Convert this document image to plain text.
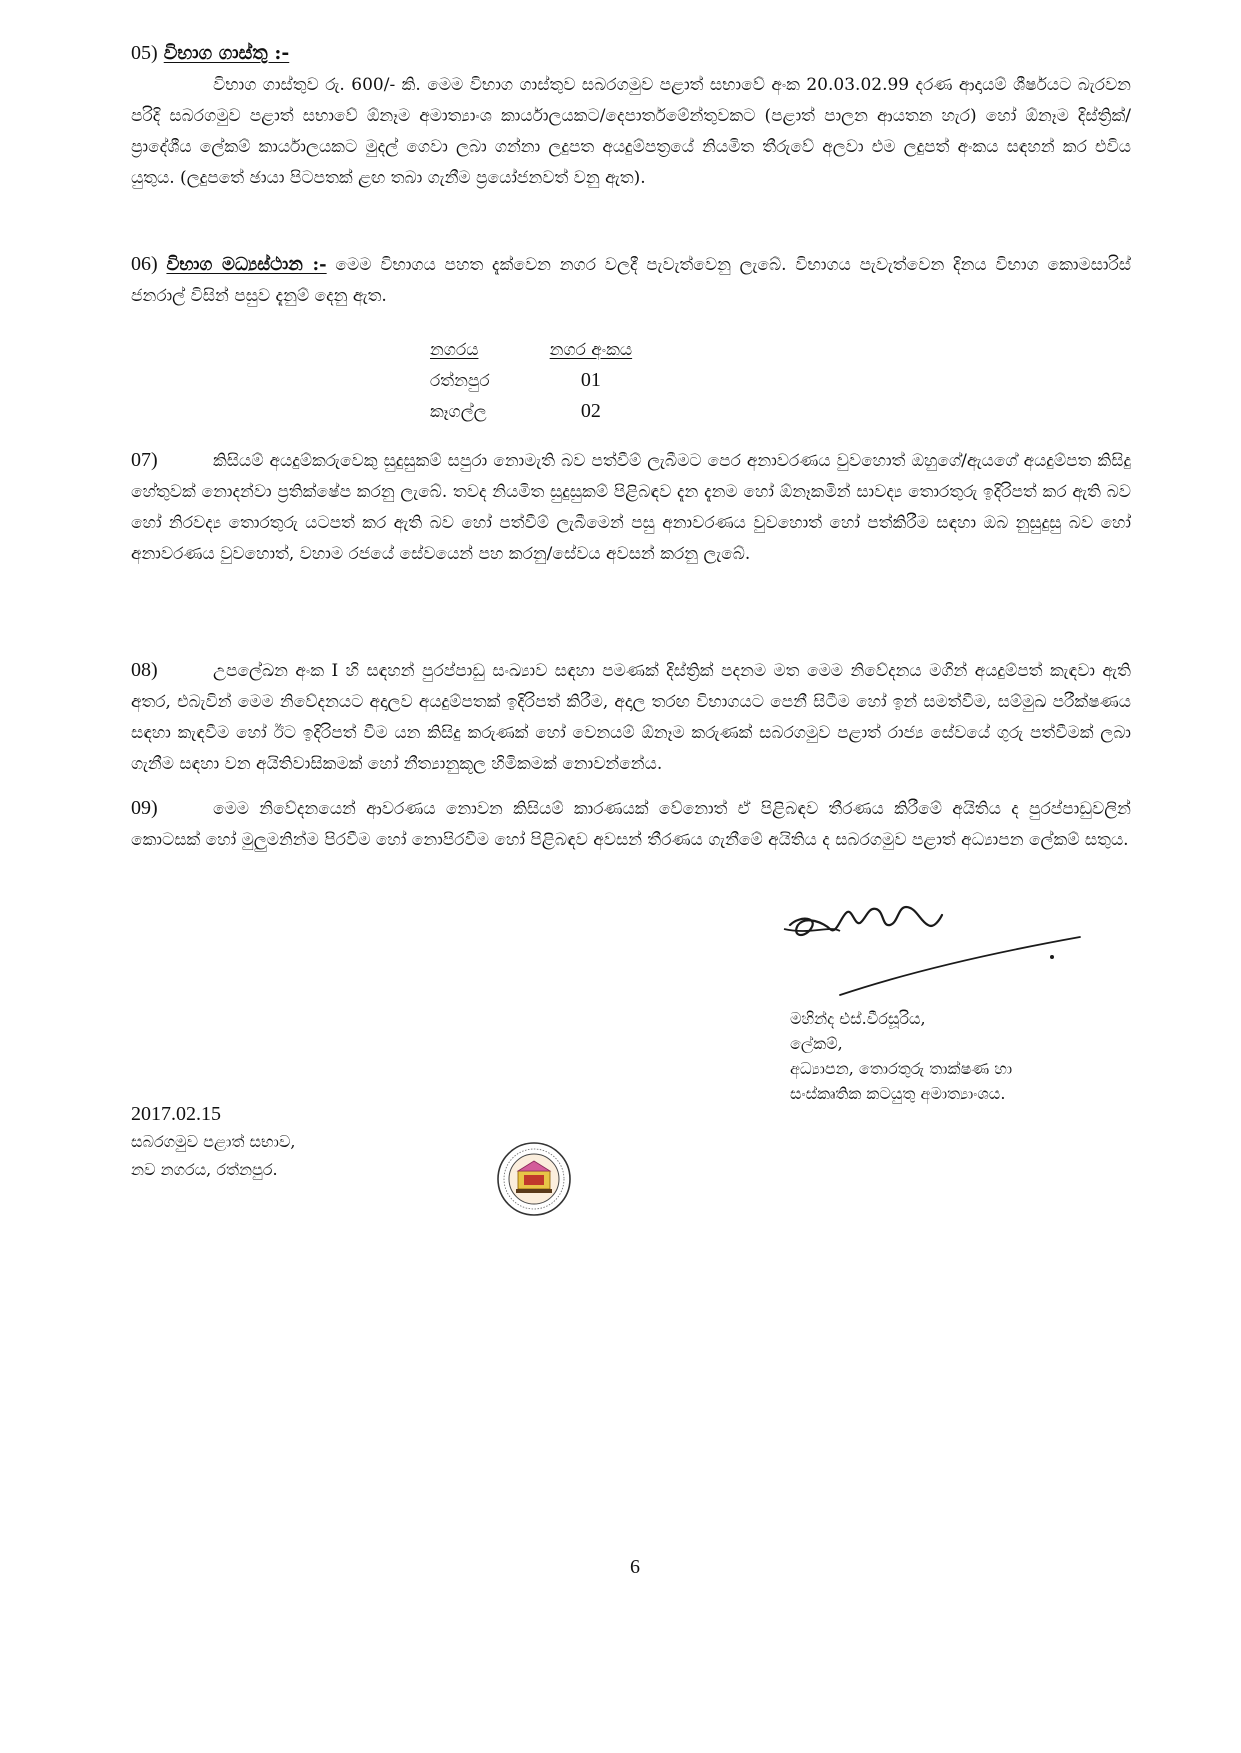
05) විභාග ගාස්තු :-
විභාග ගාස්තුව රු. 600/- කි. මෙම විභාග ගාස්තුව සබරගමුව පළාත් සභාවේ අංක 20.03.02.99 දරණ ආදායම් ශීර්ෂයට බැරවන පරිදි සබරගමුව පළාත් සභාවේ ඕනෑම අමාත්‍යාංශ කාර්යාලයකට/දෙපාර්තමේන්තුවකට (පළාත් පාලන ආයතන හැර) හෝ ඕනෑම දිස්ත්‍රික්/ප්‍රාදේශීය ලේකම් කාර්යාලයකට මුදල් ගෙවා ලබා ගන්නා ලදුපත අයදුම්පත්‍රයේ නියමිත තීරුවේ අලවා එම ලදුපත් අංකය සඳහන් කර එවිය යුතුය. (ලදුපතේ ඡායා පිටපතක් ළඟ තබා ගැනීම ප්‍රයෝජනවත් වනු ඇත).
06) විභාග මධ්‍යස්ථාන :- මෙම විභාගය පහත දැක්වෙන නගර වලදී පැවැත්වෙනු ලැබේ. විභාගය පැවැත්වෙන දිනය විභාග කොමසාරිස් ජනරාල් විසින් පසුව දැනුම් දෙනු ඇත.
නගරය	නගර අංකය
රත්නපුර	01
කෑගල්ල	02
07)	කිසියම් අයදුම්කරුවෙකු සුදුසුකම් සපුරා නොමැති බව පත්වීම් ලැබීමට පෙර අනාවරණය වුවහොත් ඔහුගේ/ඇයගේ අයදුම්පත කිසිදු හේතුවක් නොදන්වා ප්‍රතික්ෂේප කරනු ලැබේ. තවද නියමිත සුදුසුකම් පිළිබඳව දැන දැනම හෝ ඕනෑකමින් සාවද්‍ය තොරතුරු ඉදිරිපත් කර ඇති බව හෝ නිරවද්‍ය තොරතුරු යටපත් කර ඇති බව හෝ පත්වීම් ලැබීමෙන් පසු අනාවරණය වුවහොත් හෝ පත්කිරීම සඳහා ඔබ නුසුදුසු බව හෝ අනාවරණය වුවහොත්, වහාම රජයේ සේවයෙන් පහ කරනු/සේවය අවසන් කරනු ලැබේ.
08)	උපලේඛන අංක I හි සඳහන් පුරප්පාඩු සංඛ්‍යාව සඳහා පමණක් දිස්ත්‍රික් පදනම මත මෙම නිවේදනය මගින් අයදුම්පත් කැඳවා ඇති අතර, එබැවින් මෙම නිවේදනයට අදාලව අයදුම්පතක් ඉදිරිපත් කිරීම, අදාල තරඟ විභාගයට පෙනී සිටීම හෝ ඉන් සමත්වීම, සම්මුඛ පරීක්ෂණය සඳහා කැඳවීම හෝ ඊට ඉදිරිපත් වීම යන කිසිදු කරුණක් හෝ වෙනයම් ඕනෑම කරුණක් සබරගමුව පළාත් රාජ්‍ය සේවයේ ගුරු පත්වීමක් ලබා ගැනීම සඳහා වන අයිතිවාසිකමක් හෝ නීත්‍යානුකූල හිමිකමක් නොවන්නේය.
09)	මෙම නිවේදනයෙන් ආවරණය නොවන කිසියම් කාරණයක් වේනොත් ඒ පිළිබඳව තීරණය කිරීමේ අයිතිය ද පුරප්පාඩුවලින් කොටසක් හෝ මුලුමනින්ම පිරවීම හෝ නොපිරවීම හෝ පිළිබඳව අවසන් තීරණය ගැනීමේ අයිතිය ද සබරගමුව පළාත් අධ්‍යාපන ලේකම් සතුය.
මහින්ද එස්.වීරසූරිය,
ලේකම්,
අධ්‍යාපන, තොරතුරු තාක්ෂණ හා
සංස්කෘතික කටයුතු අමාත්‍යාංශය.
2017.02.15
සබරගමුව පළාත් සභාව,
නව නගරය, රත්නපුර.
6
